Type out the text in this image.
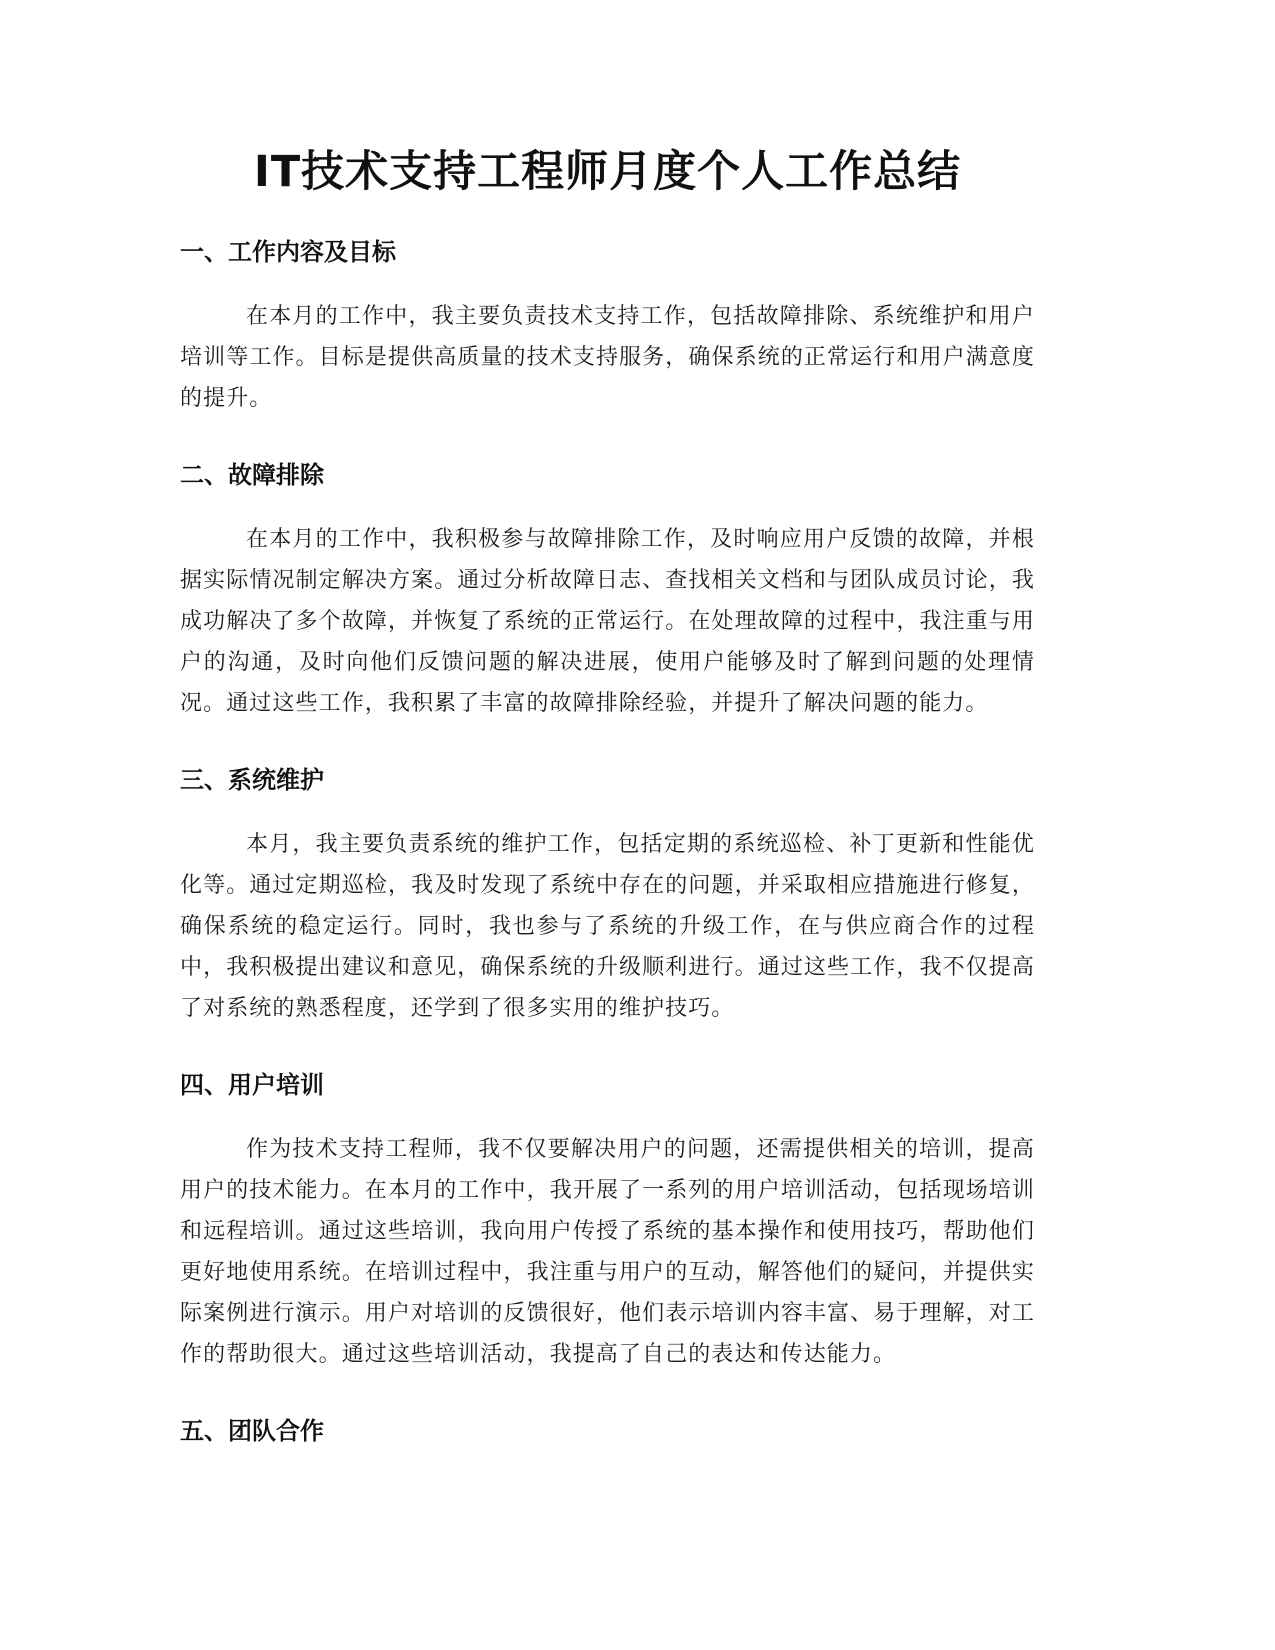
IT技术支持工程师月度个人工作总结
一、工作内容及目标

在本月的工作中，我主要负责技术支持工作，包括故障排除、系统维护和用户培训等工作。目标是提供高质量的技术支持服务，确保系统的正常运行和用户满意度的提升。

二、故障排除

在本月的工作中，我积极参与故障排除工作，及时响应用户反馈的故障，并根据实际情况制定解决方案。通过分析故障日志、查找相关文档和与团队成员讨论，我成功解决了多个故障，并恢复了系统的正常运行。在处理故障的过程中，我注重与用户的沟通，及时向他们反馈问题的解决进展，使用户能够及时了解到问题的处理情况。通过这些工作，我积累了丰富的故障排除经验，并提升了解决问题的能力。

三、系统维护

本月，我主要负责系统的维护工作，包括定期的系统巡检、补丁更新和性能优化等。通过定期巡检，我及时发现了系统中存在的问题，并采取相应措施进行修复，确保系统的稳定运行。同时，我也参与了系统的升级工作，在与供应商合作的过程中，我积极提出建议和意见，确保系统的升级顺利进行。通过这些工作，我不仅提高了对系统的熟悉程度，还学到了很多实用的维护技巧。

四、用户培训

作为技术支持工程师，我不仅要解决用户的问题，还需提供相关的培训，提高用户的技术能力。在本月的工作中，我开展了一系列的用户培训活动，包括现场培训和远程培训。通过这些培训，我向用户传授了系统的基本操作和使用技巧，帮助他们更好地使用系统。在培训过程中，我注重与用户的互动，解答他们的疑问，并提供实际案例进行演示。用户对培训的反馈很好，他们表示培训内容丰富、易于理解，对工作的帮助很大。通过这些培训活动，我提高了自己的表达和传达能力。

五、团队合作
